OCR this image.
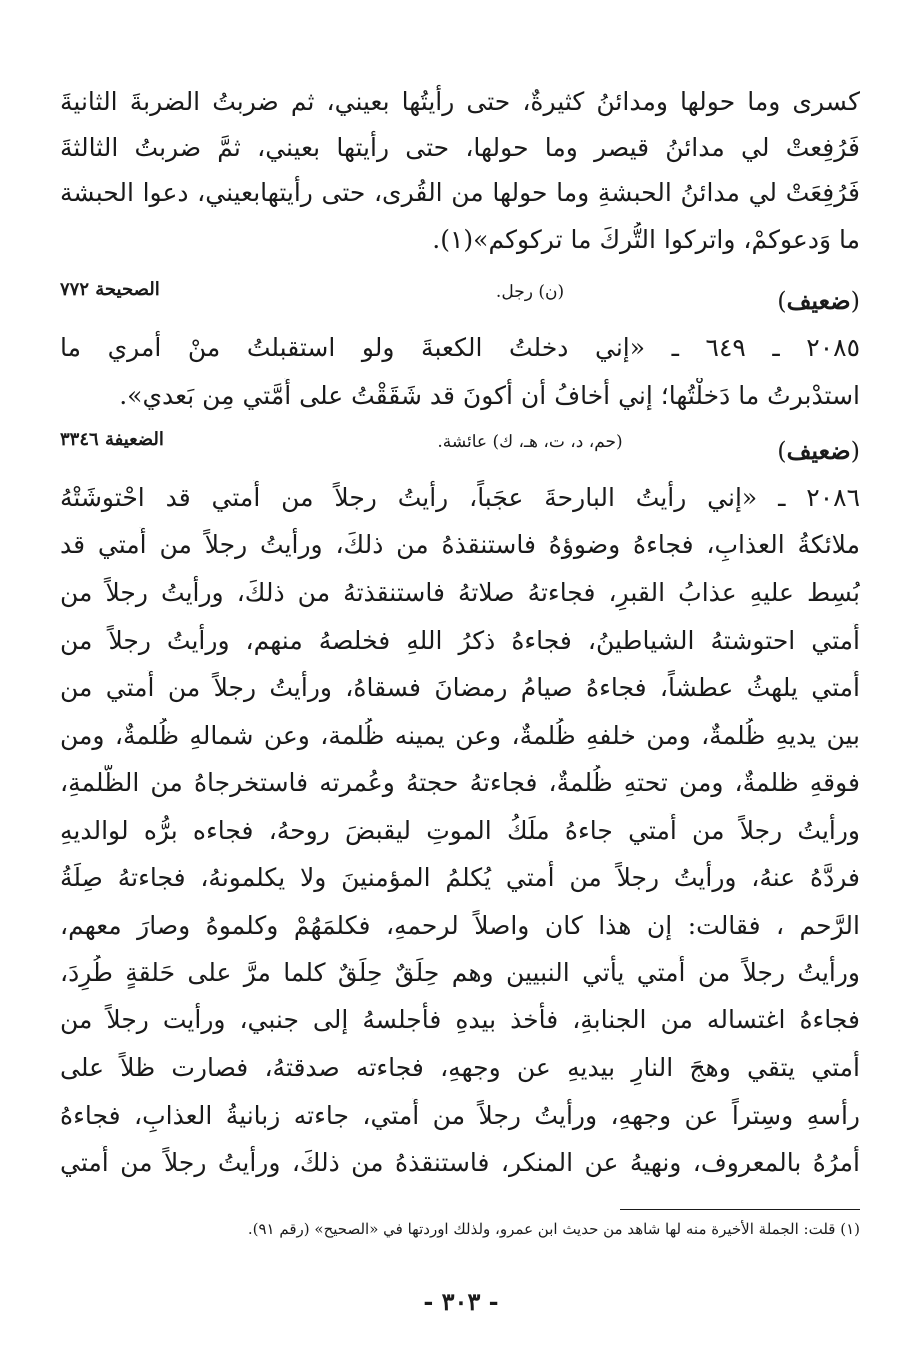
كسرى وما حولها ومدائنُ كثيرةٌ، حتى رأيتُها بعيني، ثم ضربتُ الضربةَ الثانيةَ
فَرُفِعتْ لي مدائنُ قيصر وما حولها، حتى رأيتها بعيني، ثمَّ ضربتُ الثالثةَ
فَرُفِعَتْ لي مدائنُ الحبشةِ وما حولها من القُرى، حتى رأيتهابعيني، دعوا الحبشة
ما وَدعوكمْ، واتركوا التُّركَ ما تركوكم»(١).
(ضعيف)
(ن) رجل.
الصحيحة ٧٧٢
٢٠٨٥ ـ ٦٤٩ ـ «إني دخلتُ الكعبةَ ولو استقبلتُ منْ أمري ما
استدْبرتُ ما دَخلْتُها؛ إني أخافُ أن أكونَ قد شَقَقْتُ على أُمَّتي مِن بَعدي».
(ضعيف)
(حم، د، ت، هـ، ك) عائشة.
الضعيفة ٣٣٤٦
٢٠٨٦ ـ «إني رأيتُ البارحةَ عجَباً، رأيتُ رجلاً من أُمتي قد احْتوشَتْهُ
ملائكةُ العذابِ، فجاءهُ وضوؤهُ فاستنقذهُ من ذلكَ، ورأيتُ رجلاً من أُمتي قد
بُسِط عليهِ عذابُ القبرِ، فجاءتهُ صلاتهُ فاستنقذتهُ من ذلكَ، ورأيتُ رجلاً من
أُمتي احتوشتهُ الشياطينُ، فجاءهُ ذكرُ اللهِ فخلصهُ منهم، ورأيتُ رجلاً من
أُمتي يلهثُ عطشاً، فجاءهُ صيامُ رمضانَ فسقاهُ، ورأيتُ رجلاً من أُمتي من
بين يديهِ ظُلمةٌ، ومن خلفهِ ظُلمةٌ، وعن يمينه ظُلمة، وعن شمالهِ ظُلمةٌ، ومن
فوقهِ ظلمةٌ، ومن تحتهِ ظُلمةٌ، فجاءتهُ حجتهُ وعُمرته فاستخرجاهُ من الظُّلمةِ،
ورأيتُ رجلاً من أُمتي جاءهُ ملَكُ الموتِ ليقبضَ روحهُ، فجاءه برُّه لوالديهِ
فردَّهُ عنهُ، ورأيتُ رجلاً من أُمتي يُكلمُ المؤمنينَ ولا يكلمونهُ، فجاءتهُ صِلَةُ
الرَّحم ، فقالت: إن هذا كان واصلاً لرحمهِ، فكلمَهُمْ وكلموهُ وصارَ معهم،
ورأيتُ رجلاً من أُمتي يأتي النبيين وهم حِلَقٌ حِلَقٌ كلما مرَّ على حَلقةٍ طُرِدَ،
فجاءهُ اغتساله من الجنابةِ، فأخذ بيدهِ فأجلسهُ إلى جنبي، ورأيت رجلاً من
أُمتي يتقي وهجَ النارِ بيديهِ عن وجههِ، فجاءته صدقتهُ، فصارت ظلاً على
رأسهِ وسِتراً عن وجههِ، ورأيتُ رجلاً من أُمتي، جاءته زبانيةُ العذابِ، فجاءهُ
أمرُهُ بالمعروف، ونهيهُ عن المنكر، فاستنقذهُ من ذلكَ، ورأيتُ رجلاً من أُمتي
(١) قلت: الجملة الأخيرة منه لها شاهد من حديث ابن عمرو، ولذلك اوردتها في «الصحيح» (رقم ٩١).
- ٣٠٣ -
